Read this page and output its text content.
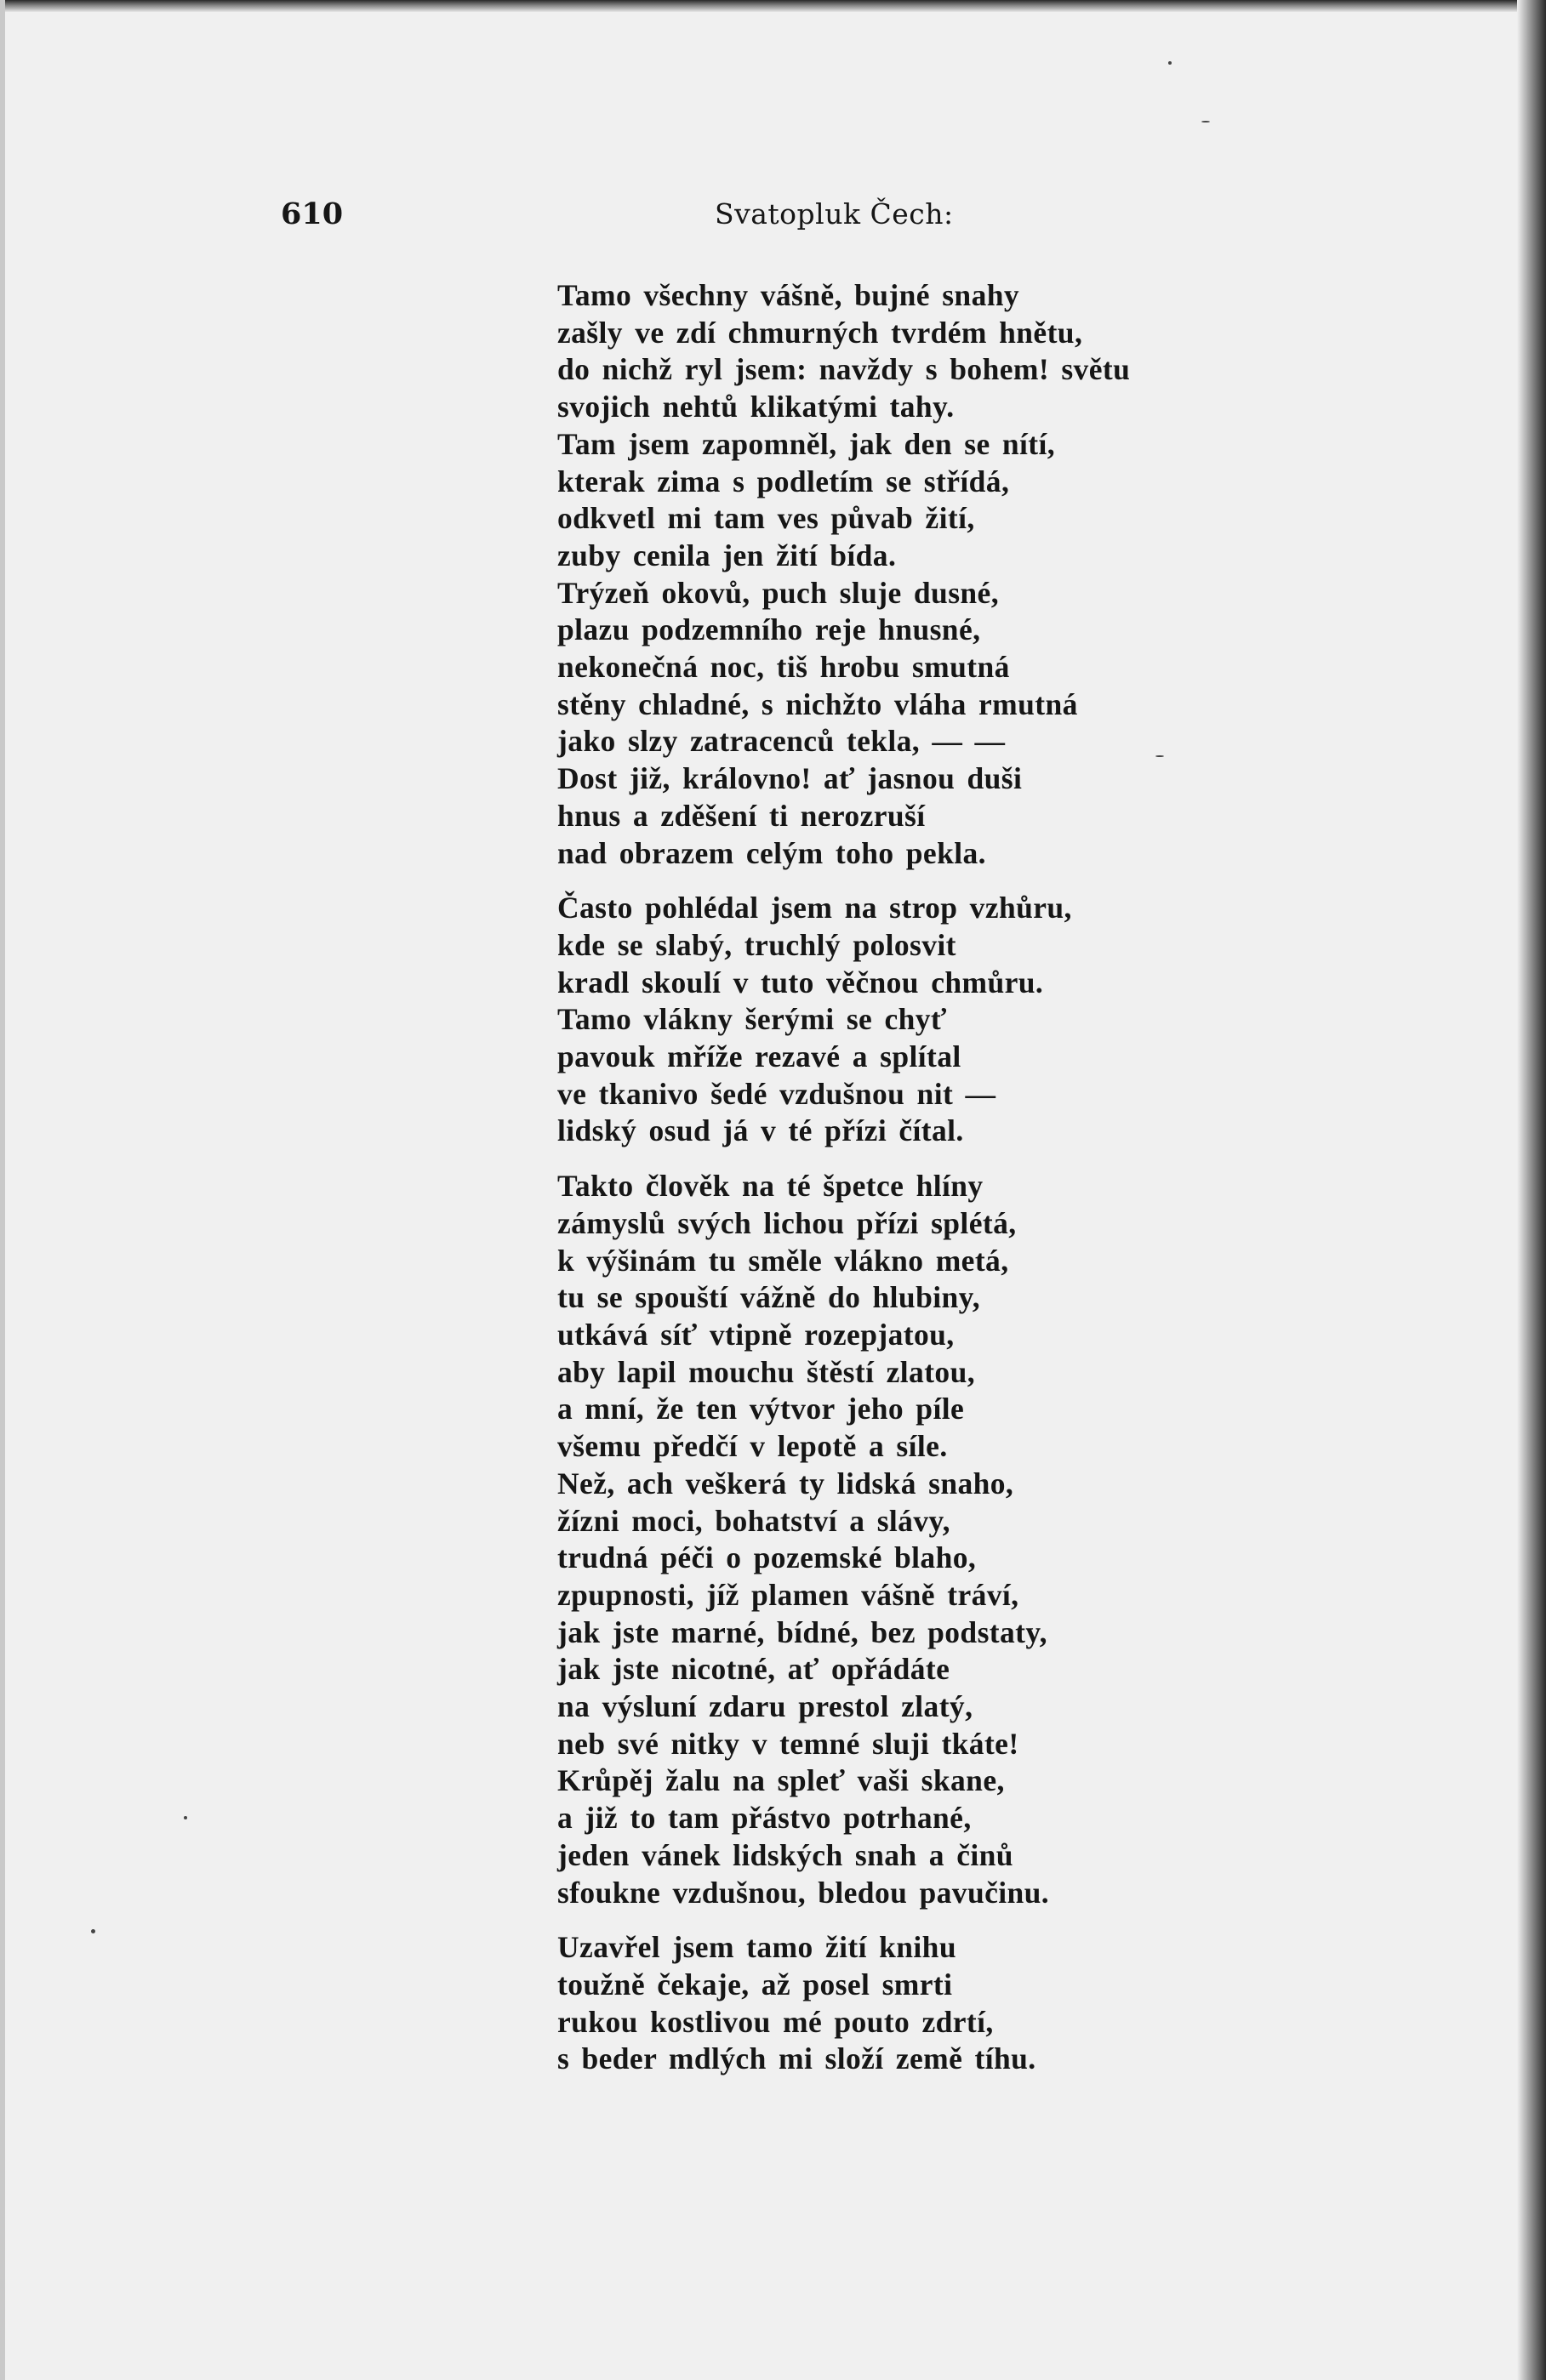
610	Svatopluk Čech:
Tamo všechny vášně, bujné snahy
zašly ve zdí chmurných tvrdém hnětu,
do nichž ryl jsem: navždy s bohem! světu
svojich nehtů klikatými tahy.
Tam jsem zapomněl, jak den se nítí,
kterak zima s podletím se střídá,
odkvetl mi tam ves půvab žití,
zuby cenila jen žití bída.
Trýzeň okovů, puch sluje dusné,
plazu podzemního reje hnusné,
nekonečná noc, tiš hrobu smutná
stěny chladné, s nichžto vláha rmutná
jako slzy zatracenců tekla, — —
Dost již, královno! ať jasnou duši
hnus a zděšení ti nerozruší
nad obrazem celým toho pekla.
Často pohlédal jsem na strop vzhůru,
kde se slabý, truchlý polosvit
kradl skoulí v tuto věčnou chmůru.
Tamo vlákny šerými se chyť
pavouk mříže rezavé a splítal
ve tkanivo šedé vzdušnou nit —
lidský osud já v té přízi čítal.
Takto člověk na té špetce hlíny
zámyslů svých lichou přízi splétá,
k výšinám tu směle vlákno metá,
tu se spouští vážně do hlubiny,
utkává síť vtipně rozepjatou,
aby lapil mouchu štěstí zlatou,
a mní, že ten výtvor jeho píle
všemu předčí v lepotě a síle.
Než, ach veškerá ty lidská snaho,
žízni moci, bohatství a slávy,
trudná péči o pozemské blaho,
zpupnosti, jíž plamen vášně tráví,
jak jste marné, bídné, bez podstaty,
jak jste nicotné, ať opřádáte
na výsluní zdaru prestol zlatý,
neb své nitky v temné sluji tkáte!
Krůpěj žalu na spleť vaši skane,
a již to tam přástvo potrhané,
jeden vánek lidských snah a činů
sfoukne vzdušnou, bledou pavučinu.
Uzavřel jsem tamo žití knihu
toužně čekaje, až posel smrti
rukou kostlivou mé pouto zdrtí,
s beder mdlých mi složí země tíhu.
